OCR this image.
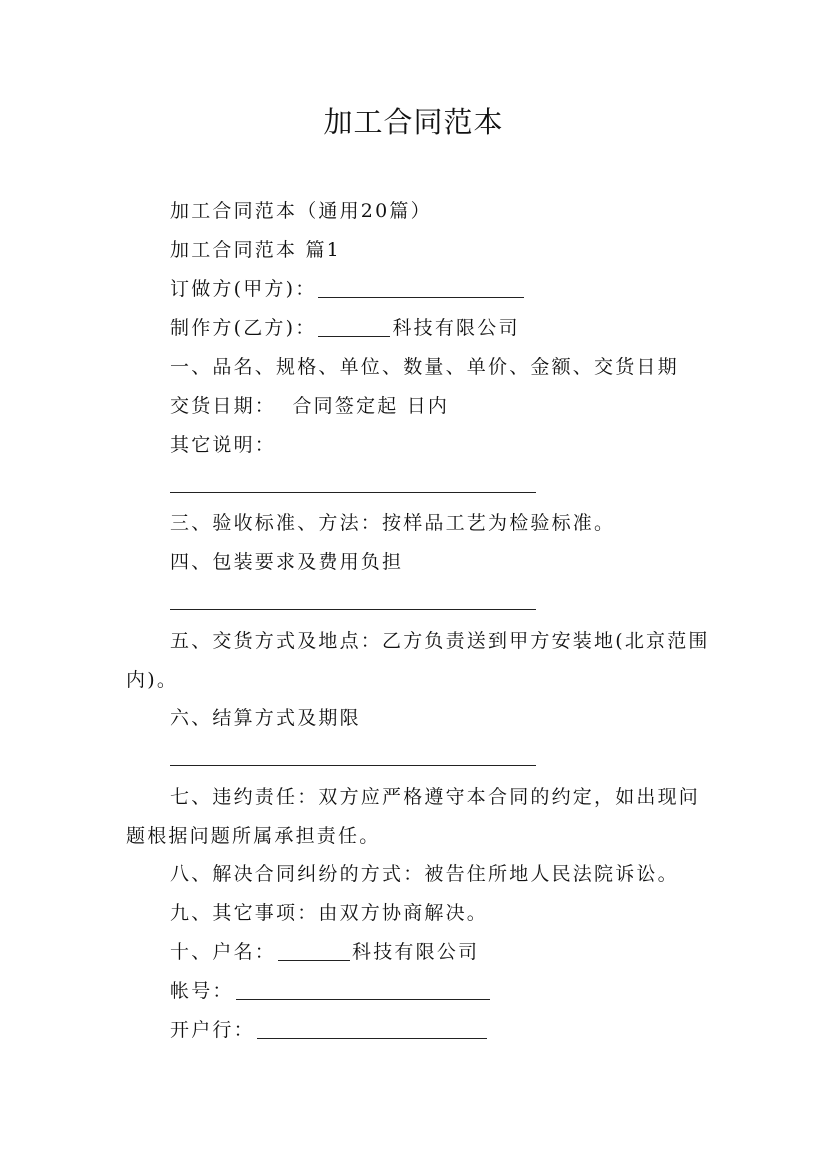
加工合同范本
加工合同范本（通用20篇）
加工合同范本 篇1
订做方(甲方)：
制作方(乙方)：	科技有限公司
一、品名、规格、单位、数量、单价、金额、交货日期
交货日期：  合同签定起 日内
其它说明：
三、验收标准、方法：按样品工艺为检验标准。
四、包装要求及费用负担
五、交货方式及地点：乙方负责送到甲方安装地(北京范围内)。
六、结算方式及期限
七、违约责任：双方应严格遵守本合同的约定，如出现问题根据问题所属承担责任。
八、解决合同纠纷的方式：被告住所地人民法院诉讼。
九、其它事项：由双方协商解决。
十、户名：	科技有限公司
帐号：
开户行：
